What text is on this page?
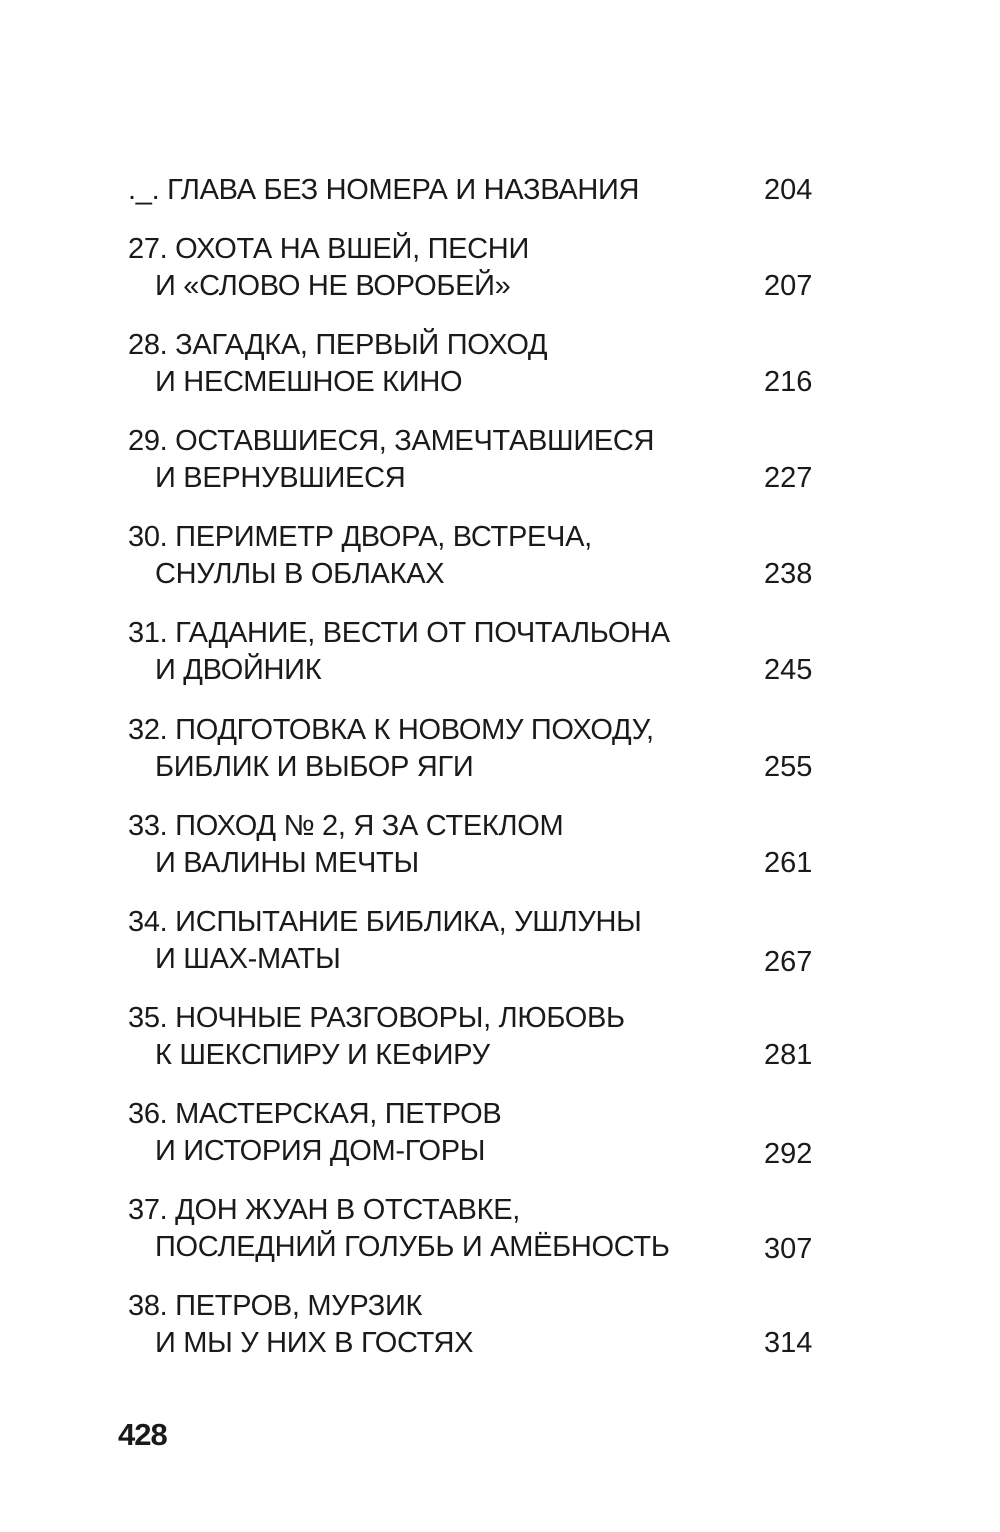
._. ГЛАВА БЕЗ НОМЕРА И НАЗВАНИЯ	204
27. ОХОТА НА ВШЕЙ, ПЕСНИ
И «СЛОВО НЕ ВОРОБЕЙ»	207
28. ЗАГАДКА, ПЕРВЫЙ ПОХОД
И НЕСМЕШНОЕ КИНО	216
29. ОСТАВШИЕСЯ, ЗАМЕЧТАВШИЕСЯ
И ВЕРНУВШИЕСЯ	227
30. ПЕРИМЕТР ДВОРА, ВСТРЕЧА,
СНУЛЛЫ В ОБЛАКАХ	238
31. ГАДАНИЕ, ВЕСТИ ОТ ПОЧТАЛЬОНА
И ДВОЙНИК	245
32. ПОДГОТОВКА К НОВОМУ ПОХОДУ,
БИБЛИК И ВЫБОР ЯГИ	255
33. ПОХОД № 2, Я ЗА СТЕКЛОМ
И ВАЛИНЫ МЕЧТЫ	261
34. ИСПЫТАНИЕ БИБЛИКА, УШЛУНЫ
И ШАХ-МАТЫ	267
35. НОЧНЫЕ РАЗГОВОРЫ, ЛЮБОВЬ
К ШЕКСПИРУ И КЕФИРУ	281
36. МАСТЕРСКАЯ, ПЕТРОВ
И ИСТОРИЯ ДОМ-ГОРЫ	292
37. ДОН ЖУАН В ОТСТАВКЕ,
ПОСЛЕДНИЙ ГОЛУБЬ И АМЁБНОСТЬ	307
38. ПЕТРОВ, МУРЗИК
И МЫ У НИХ В ГОСТЯХ	314
428
